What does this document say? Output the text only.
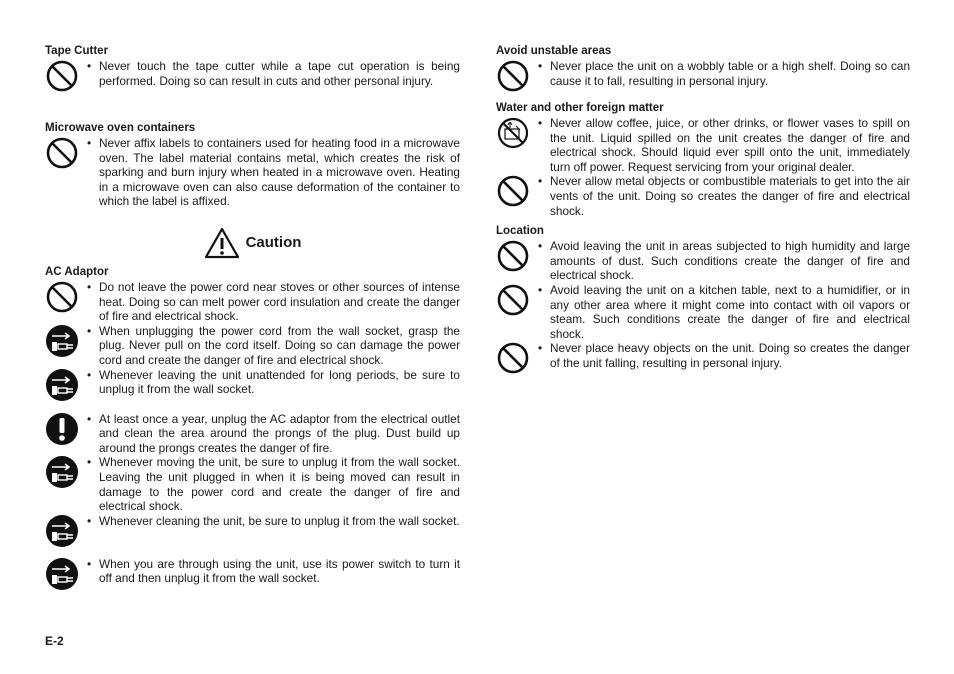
Tape Cutter
• Never touch the tape cutter while a tape cut operation is being performed. Doing so can result in cuts and other personal injury.
Microwave oven containers
• Never affix labels to containers used for heating food in a microwave oven. The label material contains metal, which creates the risk of sparking and burn injury when heated in a microwave oven. Heating in a microwave oven can also cause deformation of the container to which the label is affixed.
Caution
AC Adaptor
• Do not leave the power cord near stoves or other sources of intense heat. Doing so can melt power cord insulation and create the danger of fire and electrical shock.
• When unplugging the power cord from the wall socket, grasp the plug. Never pull on the cord itself. Doing so can damage the power cord and create the danger of fire and electrical shock.
• Whenever leaving the unit unattended for long periods, be sure to unplug it from the wall socket.
• At least once a year, unplug the AC adaptor from the electrical outlet and clean the area around the prongs of the plug. Dust build up around the prongs creates the danger of fire.
• Whenever moving the unit, be sure to unplug it from the wall socket. Leaving the unit plugged in when it is being moved can result in damage to the power cord and create the danger of fire and electrical shock.
• Whenever cleaning the unit, be sure to unplug it from the wall socket.
• When you are through using the unit, use its power switch to turn it off and then unplug it from the wall socket.
Avoid unstable areas
• Never place the unit on a wobbly table or a high shelf. Doing so can cause it to fall, resulting in personal injury.
Water and other foreign matter
• Never allow coffee, juice, or other drinks, or flower vases to spill on the unit. Liquid spilled on the unit creates the danger of fire and electrical shock. Should liquid ever spill onto the unit, immediately turn off power. Request servicing from your original dealer.
• Never allow metal objects or combustible materials to get into the air vents of the unit. Doing so creates the danger of fire and electrical shock.
Location
• Avoid leaving the unit in areas subjected to high humidity and large amounts of dust. Such conditions create the danger of fire and electrical shock.
• Avoid leaving the unit on a kitchen table, next to a humidifier, or in any other area where it might come into contact with oil vapors or steam. Such conditions create the danger of fire and electrical shock.
• Never place heavy objects on the unit. Doing so creates the danger of the unit falling, resulting in personal injury.
E-2
